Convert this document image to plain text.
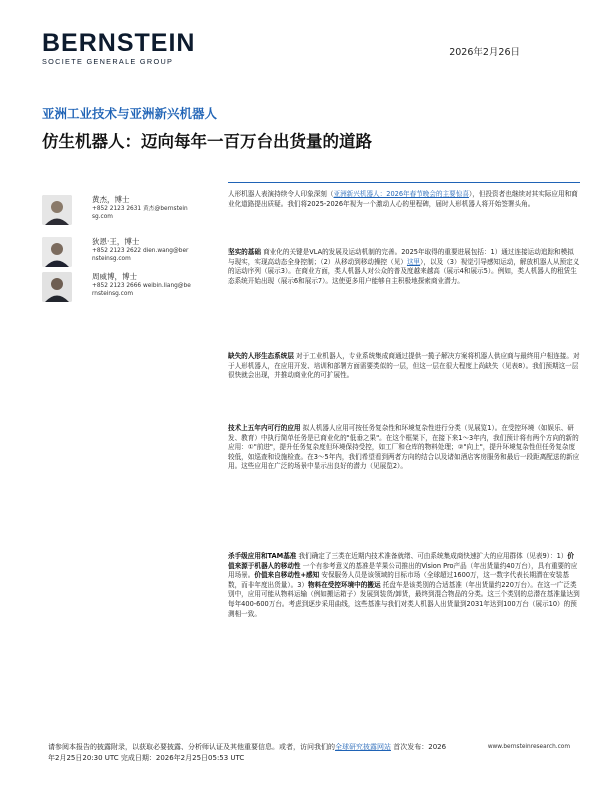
BERNSTEIN
SOCIETE GENERALE GROUP
2026年2月26日
亚洲工业技术与亚洲新兴机器人
仿生机器人：迈向每年一百万台出货量的道路
黄杰，博士
+852 2123 2631 黄杰@bernstein
sg.com
狄恩·王，博士
+852 2123 2622 dien.wang@ber
nsteinsg.com
周威博，博士
+852 2123 2666 weibin.liang@be
rnsteinsg.com

人形机器人表演持续令人印象深刻（亚洲新兴机器人：2026年春节晚会的主要惊喜），但投资者也继续对其实际应用和商业化道路提出质疑。我们将2025-2026年视为一个激动人心的里程碑，届时人形机器人将开始签署头角。

坚实的基础 商业化的关键是VLA的发展及运动机制的完善。2025年取得的重要进展包括：1）通过连接运动追踪和模拟与现实，实现高动态全身控制；（2）从移动到移动操控（见）这里），以及（3）视觉引导感知运动，解放机器人从预定义的运动序列（展示3）。在商业方面，类人机器人对公众的普及度越来越高（展示4和展示5）。例如，类人机器人的租赁生态系统开始出现（展示6和展示7）。这使更多用户能够自主积极地探索商业潜力。

缺失的人形生态系统层 对于工业机器人，专业系统集成商通过提供一揽子解决方案将机器人供应商与最终用户相连接。对于人形机器人，在应用开发、培训和部署方面需要类似的一层，但这一层在很大程度上尚缺失（见表8）。我们预期这一层很快就会出现，并推动商业化的可扩展性。

技术上五年内可行的应用 拟人机器人应用可按任务复杂性和环境复杂性进行分类（见展览1）。在受控环境（如娱乐、研发、教育）中执行简单任务是已商业化的"低垂之果"。在这个框架下，在接下来1～3年内，我们预计将有两个方向的新的应用：①"前进"，提升任务复杂度但环境保持受控，如工厂和仓库的物料处理；②"向上"，提升环境复杂性但任务复杂度较低，如巡查和设施检查。在3～5年内，我们希望看到两者方向的结合以及诸如酒店客房服务和最后一段距离配送的新应用。这些应用在广泛的场景中显示出良好的潜力（见展览2）。

杀手级应用和TAM基准 我们确定了三类在近期内技术准备就绪、可由系统集成商快速扩大的应用群体（见表9）：1）价值来源于机器人的移动性 一个有参考意义的基准是苹果公司推出的Vision Pro产品（年出货量约40万台），具有重要的应用场景。价值来自移动性+感知 安保服务人员是该领域的目标市场（全球超过1600万，这一数字代表长期潜在安装基数，而非年度出货量）。3）物料在受控环境中的搬运 托盘车是该类别的合适基准（年出货量约220万台）。在这一广泛类别中，应用可能从物料运输（例如搬运箱子）发展到装货/卸货，最终到混合物品的分类。这三个类别的总潜在基准量达到每年400-600万台。考虑到逐步采用曲线，这些基准与我们对类人机器人出货量到2031年达到100万台（展示10）的预测相一致。

请参阅本报告的披露附录，以获取必要披露、分析师认证及其他重要信息。或者，访问我们的全球研究披露网站 首次发布：2026年2月25日20:30 UTC 完成日期：2026年2月25日05:53 UTC
www.bernsteinresearch.com
